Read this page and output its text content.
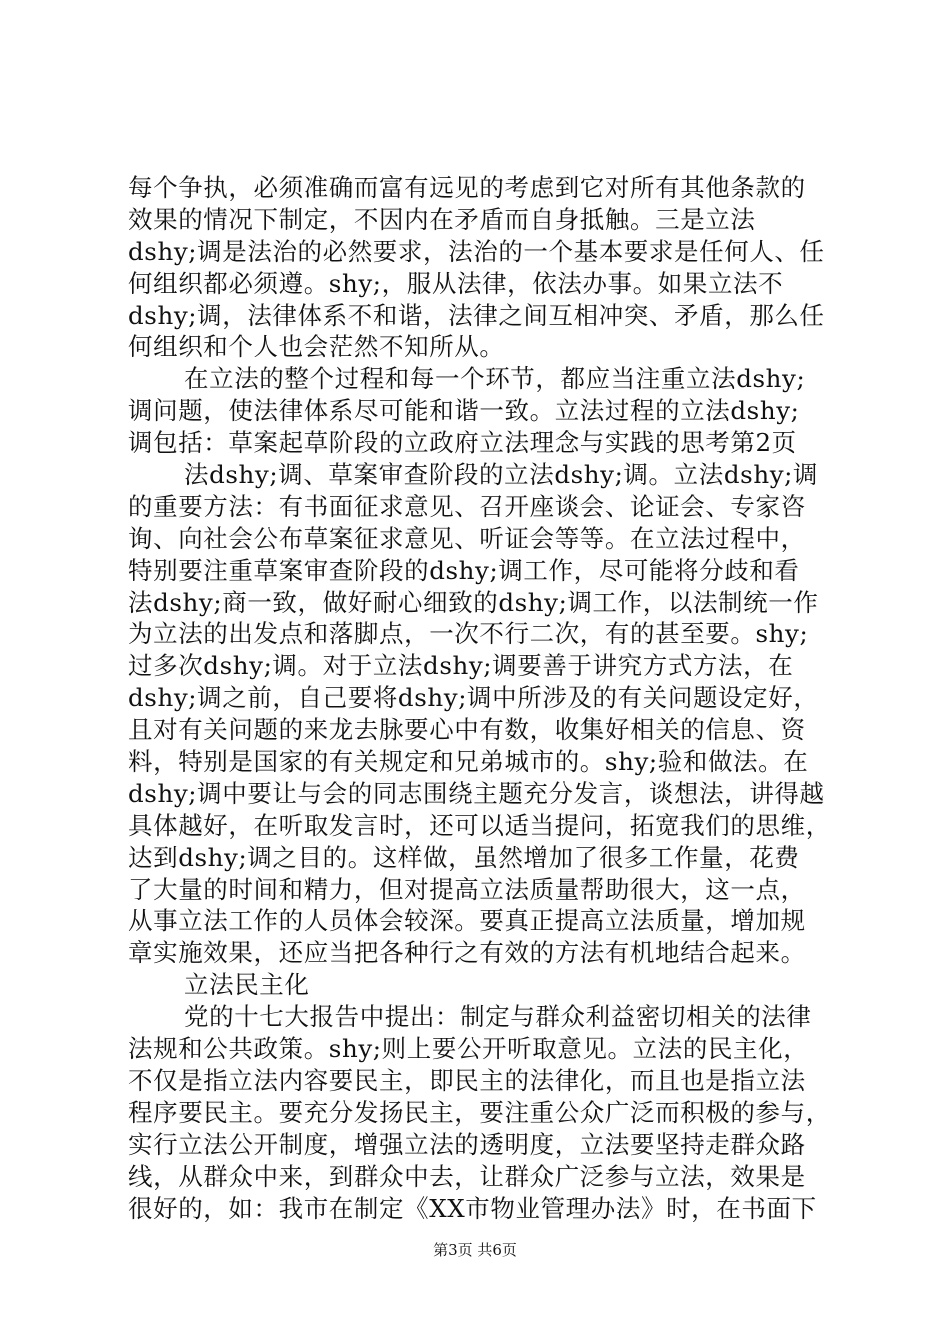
每个争执，必须准确而富有远见的考虑到它对所有其他条款的
效果的情况下制定，不因内在矛盾而自身抵触。三是立法
dshy;调是法治的必然要求，法治的一个基本要求是任何人、任
何组织都必须遵。shy;，服从法律，依法办事。如果立法不
dshy;调，法律体系不和谐，法律之间互相冲突、矛盾，那么任
何组织和个人也会茫然不知所从。
在立法的整个过程和每一个环节，都应当注重立法dshy;
调问题，使法律体系尽可能和谐一致。立法过程的立法dshy;
调包括：草案起草阶段的立政府立法理念与实践的思考第2页
法dshy;调、草案审查阶段的立法dshy;调。立法dshy;调
的重要方法：有书面征求意见、召开座谈会、论证会、专家咨
询、向社会公布草案征求意见、听证会等等。在立法过程中，
特别要注重草案审查阶段的dshy;调工作，尽可能将分歧和看
法dshy;商一致，做好耐心细致的dshy;调工作，以法制统一作
为立法的出发点和落脚点，一次不行二次，有的甚至要。shy;
过多次dshy;调。对于立法dshy;调要善于讲究方式方法，在
dshy;调之前，自己要将dshy;调中所涉及的有关问题设定好，
且对有关问题的来龙去脉要心中有数，收集好相关的信息、资
料，特别是国家的有关规定和兄弟城市的。shy;验和做法。在
dshy;调中要让与会的同志围绕主题充分发言，谈想法，讲得越
具体越好，在听取发言时，还可以适当提问，拓宽我们的思维，
达到dshy;调之目的。这样做，虽然增加了很多工作量，花费
了大量的时间和精力，但对提高立法质量帮助很大，这一点，
从事立法工作的人员体会较深。要真正提高立法质量，增加规
章实施效果，还应当把各种行之有效的方法有机地结合起来。
立法民主化
党的十七大报告中提出：制定与群众利益密切相关的法律
法规和公共政策。shy;则上要公开听取意见。立法的民主化，
不仅是指立法内容要民主，即民主的法律化，而且也是指立法
程序要民主。要充分发扬民主，要注重公众广泛而积极的参与，
实行立法公开制度，增强立法的透明度，立法要坚持走群众路
线，从群众中来，到群众中去，让群众广泛参与立法，效果是
很好的，如：我市在制定《XX市物业管理办法》时，在书面下
第3页 共6页
